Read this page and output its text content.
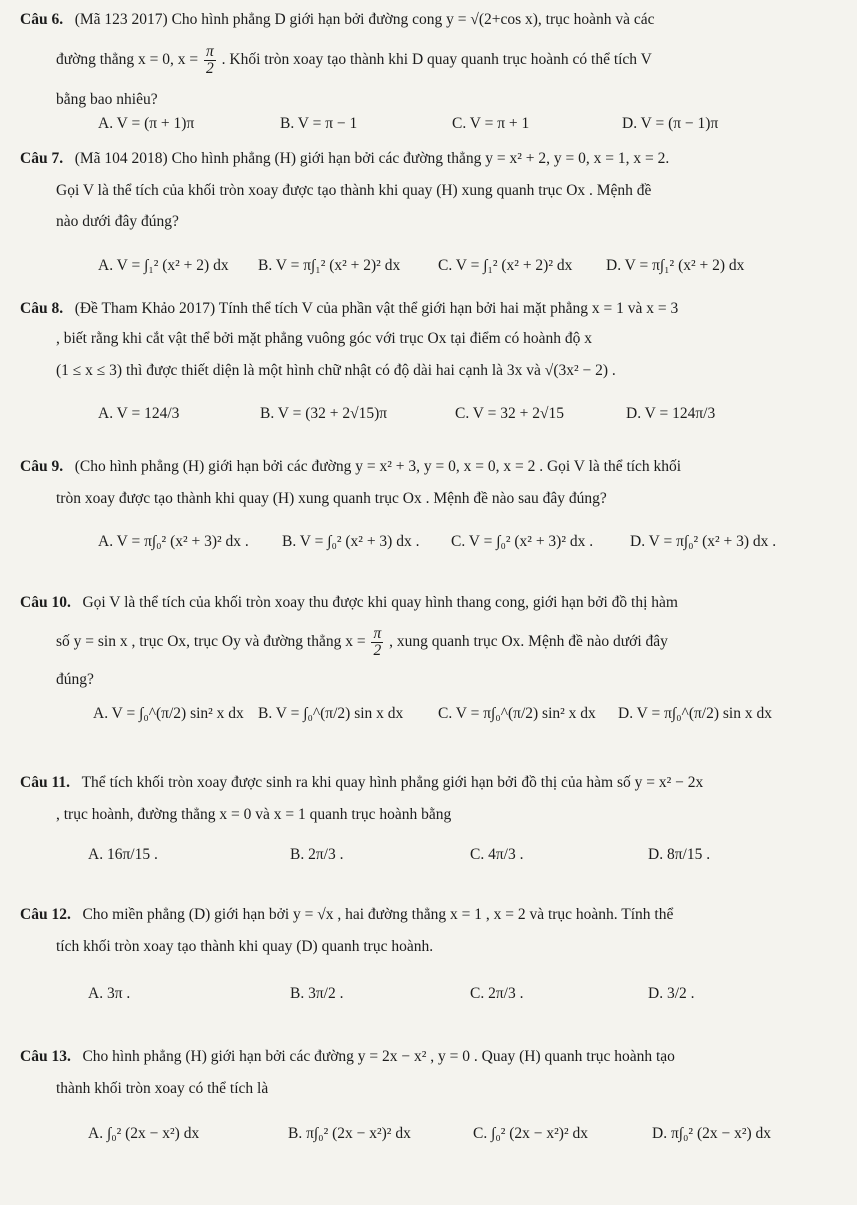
Câu 6. (Mã 123 2017) Cho hình phẳng D giới hạn bởi đường cong y = √(2+cos x), trục hoành và các
đường thẳng x = 0, $x = \frac{\pi}{2}$ . Khối tròn xoay tạo thành khi D quay quanh trục hoành có thể tích V
bằng bao nhiêu?
A. V = (π + 1)π	B. V = π − 1	C. V = π + 1	D. V = (π − 1)π
Câu 7. (Mã 104 2018) Cho hình phẳng (H) giới hạn bởi các đường thẳng y = x² + 2, y = 0, x = 1, x = 2.
Gọi V là thể tích của khối tròn xoay được tạo thành khi quay (H) xung quanh trục Ox . Mệnh đề
nào dưới đây đúng?
A. V = ∫₁² (x² + 2) dx B. V = π∫₁² (x² + 2)² dx C. V = ∫₁² (x² + 2)² dx D. V = π∫₁² (x² + 2) dx
Câu 8. (Đề Tham Khảo 2017) Tính thể tích V của phần vật thể giới hạn bởi hai mặt phẳng x = 1 và x = 3
, biết rằng khi cắt vật thể bởi mặt phẳng vuông góc với trục Ox tại điểm có hoành độ x
(1 ≤ x ≤ 3) thì được thiết diện là một hình chữ nhật có độ dài hai cạnh là 3x và √(3x² − 2) .
A. V = 124/3	B. V = (32 + 2√15)π	C. V = 32 + 2√15	D. V = 124π/3
Câu 9. (Cho hình phẳng (H) giới hạn bởi các đường y = x² + 3, y = 0, x = 0, x = 2 . Gọi V là thể tích khối
tròn xoay được tạo thành khi quay (H) xung quanh trục Ox . Mệnh đề nào sau đây đúng?
A. V = π∫₀² (x² + 3)² dx . B. V = ∫₀² (x² + 3) dx . C. V = ∫₀² (x² + 3)² dx . D. V = π∫₀² (x² + 3) dx .
Câu 10. Gọi V là thể tích của khối tròn xoay thu được khi quay hình thang cong, giới hạn bởi đồ thị hàm
số y = sin x , trục Ox, trục Oy và đường thẳng $x = \frac{\pi}{2}$ , xung quanh trục Ox. Mệnh đề nào dưới đây
đúng?
A. V = ∫₀^(π/2) sin² x dx B. V = ∫₀^(π/2) sin x dx C. V = π∫₀^(π/2) sin² x dx D. V = π∫₀^(π/2) sin x dx
Câu 11. Thể tích khối tròn xoay được sinh ra khi quay hình phẳng giới hạn bởi đồ thị của hàm số y = x² − 2x
, trục hoành, đường thẳng x = 0 và x = 1 quanh trục hoành bằng
A. 16π/15 .	B. 2π/3 .	C. 4π/3 .	D. 8π/15 .
Câu 12. Cho miền phẳng (D) giới hạn bởi y = √x , hai đường thẳng x = 1 , x = 2 và trục hoành. Tính thể
tích khối tròn xoay tạo thành khi quay (D) quanh trục hoành.
A. 3π .	B. 3π/2 .	C. 2π/3 .	D. 3/2 .
Câu 13. Cho hình phẳng (H) giới hạn bởi các đường y = 2x − x² , y = 0 . Quay (H) quanh trục hoành tạo
thành khối tròn xoay có thể tích là
A. ∫₀² (2x − x²) dx	B. π∫₀² (2x − x²)² dx	C. ∫₀² (2x − x²)² dx	D. π∫₀² (2x − x²) dx
